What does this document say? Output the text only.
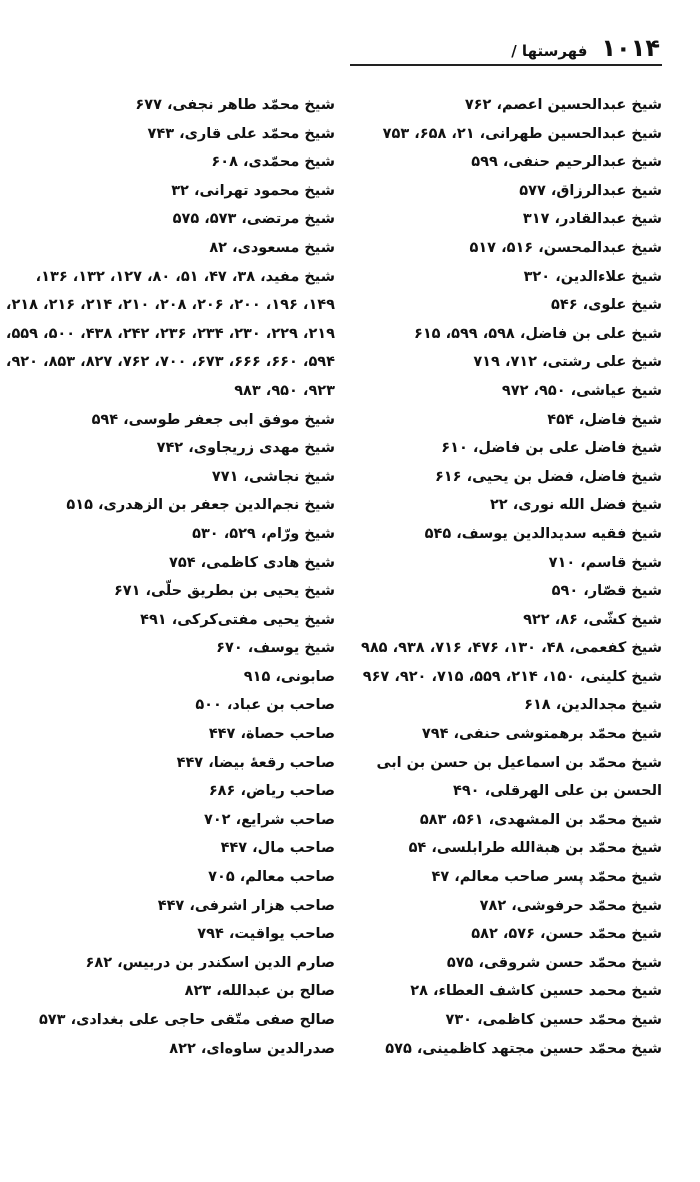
۱۰۱۴
فهرستها /
شیخ عبدالحسین اعصم، ۷۶۲
شیخ عبدالحسین طهرانی، ۲۱، ۶۵۸، ۷۵۳
شیخ عبدالرحیم حنفی، ۵۹۹
شیخ عبدالرزاق، ۵۷۷
شیخ عبدالقادر، ۳۱۷
شیخ عبدالمحسن، ۵۱۶، ۵۱۷
شیخ علاءالدین، ۳۲۰
شیخ علوی، ۵۴۶
شیخ علی بن فاضل، ۵۹۸، ۵۹۹، ۶۱۵
شیخ علی رشتی، ۷۱۲، ۷۱۹
شیخ عیاشی، ۹۵۰، ۹۷۲
شیخ فاضل، ۴۵۴
شیخ فاضل علی بن فاضل، ۶۱۰
شیخ فاضل، فضل بن یحیی، ۶۱۶
شیخ فضل الله نوری، ۲۲
شیخ فقیه سدیدالدین یوسف، ۵۴۵
شیخ قاسم، ۷۱۰
شیخ قصّار، ۵۹۰
شیخ کشّی، ۸۶، ۹۲۲
شیخ کفعمی، ۴۸، ۱۳۰، ۴۷۶، ۷۱۶، ۹۳۸، ۹۸۵
شیخ کلینی، ۱۵۰، ۲۱۴، ۵۵۹، ۷۱۵، ۹۲۰، ۹۶۷
شیخ مجدالدین، ۶۱۸
شیخ محمّد برهمتوشی حنفی، ۷۹۴
شیخ محمّد بن اسماعیل بن حسن بن ابی الحسن بن علی الهرقلی، ۴۹۰
شیخ محمّد بن المشهدی، ۵۶۱، ۵۸۳
شیخ محمّد بن هبةالله طرابلسی، ۵۴
شیخ محمّد پسر صاحب معالم، ۴۷
شیخ محمّد حرفوشی، ۷۸۲
شیخ محمّد حسن، ۵۷۶، ۵۸۲
شیخ محمّد حسن شروقی، ۵۷۵
شیخ محمد حسین کاشف العطاء، ۲۸
شیخ محمّد حسین کاظمی، ۷۳۰
شیخ محمّد حسین مجتهد کاظمینی، ۵۷۵
شیخ محمّد طاهر نجفی، ۶۷۷
شیخ محمّد علی قاری، ۷۴۳
شیخ محمّدی، ۶۰۸
شیخ محمود تهرانی، ۳۲
شیخ مرتضی، ۵۷۳، ۵۷۵
شیخ مسعودی، ۸۲
شیخ مفید، ۳۸، ۴۷، ۵۱، ۸۰، ۱۲۷، ۱۳۲، ۱۳۶، ۱۴۹، ۱۹۶، ۲۰۰، ۲۰۶، ۲۰۸، ۲۱۰، ۲۱۴، ۲۱۶، ۲۱۸، ۲۱۹، ۲۲۹، ۲۳۰، ۲۳۴، ۲۳۶، ۲۴۲، ۴۳۸، ۵۰۰، ۵۵۹، ۵۹۴، ۶۶۰، ۶۶۶، ۶۷۳، ۷۰۰، ۷۶۲، ۸۲۷، ۸۵۳، ۹۲۰، ۹۲۳، ۹۵۰، ۹۸۳
شیخ موفق ابی جعفر طوسی، ۵۹۴
شیخ مهدی زریجاوی، ۷۴۲
شیخ نجاشی، ۷۷۱
شیخ نجم‌الدین جعفر بن الزهدری، ۵۱۵
شیخ ورّام، ۵۲۹، ۵۳۰
شیخ هادی کاظمی، ۷۵۴
شیخ یحیی بن بطریق حلّی، ۶۷۱
شیخ یحیی مفتی‌کرکی، ۴۹۱
شیخ یوسف، ۶۷۰
صابونی، ۹۱۵
صاحب بن عباد، ۵۰۰
صاحب حصاة، ۴۴۷
صاحب رقعهٔ بیضا، ۴۴۷
صاحب ریاض، ۶۸۶
صاحب شرایع، ۷۰۲
صاحب مال، ۴۴۷
صاحب معالم، ۷۰۵
صاحب هزار اشرفی، ۴۴۷
صاحب یواقیت، ۷۹۴
صارم الدین اسکندر بن دربیس، ۶۸۲
صالح بن عبدالله، ۸۲۳
صالح صفی متّقی حاجی علی بغدادی، ۵۷۳
صدرالدین ساوه‌ای، ۸۲۲
